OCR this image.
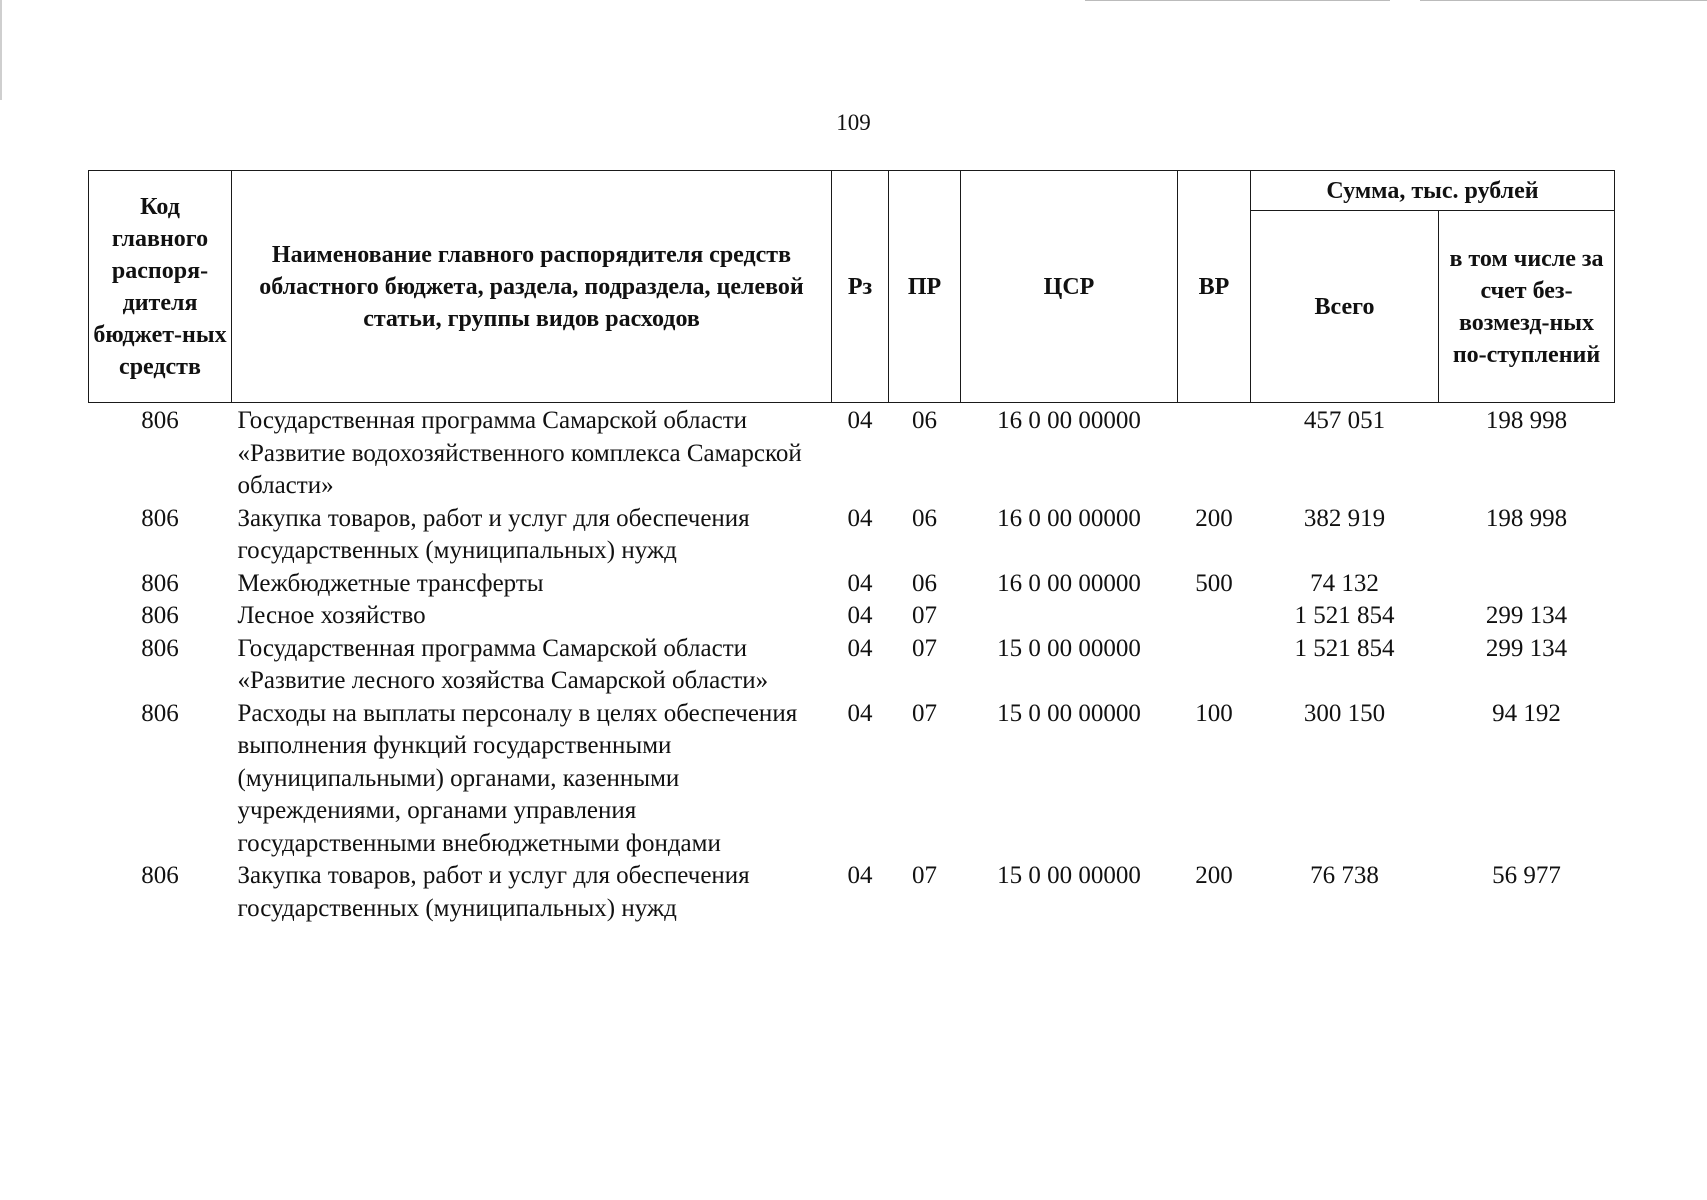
109
Код главного распоря-дителя бюджет-ных средств	Наименование главного распорядителя средств областного бюджета, раздела, подраздела, целевой статьи, группы видов расходов	Рз	ПР	ЦСР	ВР	Сумма, тыс. рублей	
						Всего	в том числе за счет без-возмезд-ных по-ступлений
806	Государственная программа Самарской области «Развитие водохозяйственного комплекса Самарской области»	04	06	16 0 00 00000		457 051	198 998
806	Закупка товаров, работ и услуг для обеспечения государственных (муниципальных) нужд	04	06	16 0 00 00000	200	382 919	198 998
806	Межбюджетные трансферты	04	06	16 0 00 00000	500	74 132	
806	Лесное хозяйство	04	07			1 521 854	299 134
806	Государственная программа Самарской области «Развитие лесного хозяйства Самарской области»	04	07	15 0 00 00000		1 521 854	299 134
806	Расходы на выплаты персоналу в целях обеспечения выполнения функций государственными (муниципальными) органами, казенными учреждениями, органами управления государственными внебюджетными фондами	04	07	15 0 00 00000	100	300 150	94 192
806	Закупка товаров, работ и услуг для обеспечения государственных (муниципальных) нужд	04	07	15 0 00 00000	200	76 738	56 977
